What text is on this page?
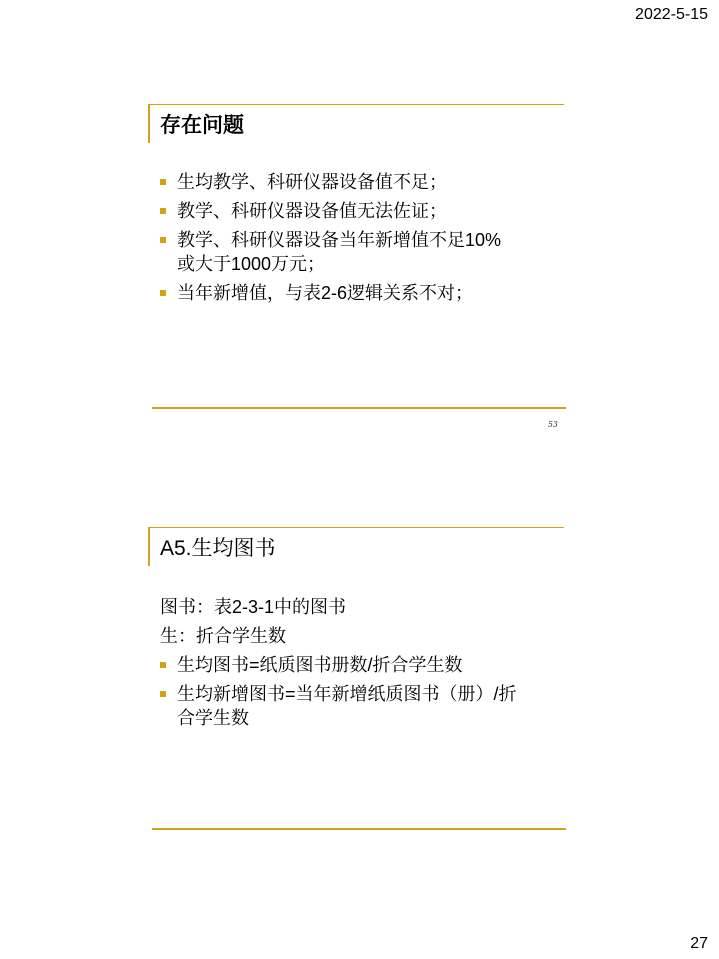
2022-5-15
存在问题
生均教学、科研仪器设备值不足；
教学、科研仪器设备值无法佐证；
教学、科研仪器设备当年新增值不足10%
或大于1000万元；
当年新增值，与表2-6逻辑关系不对；
53
A5.生均图书
图书：表2-3-1中的图书
生：折合学生数
生均图书=纸质图书册数/折合学生数
生均新增图书=当年新增纸质图书（册）/折
合学生数
27
